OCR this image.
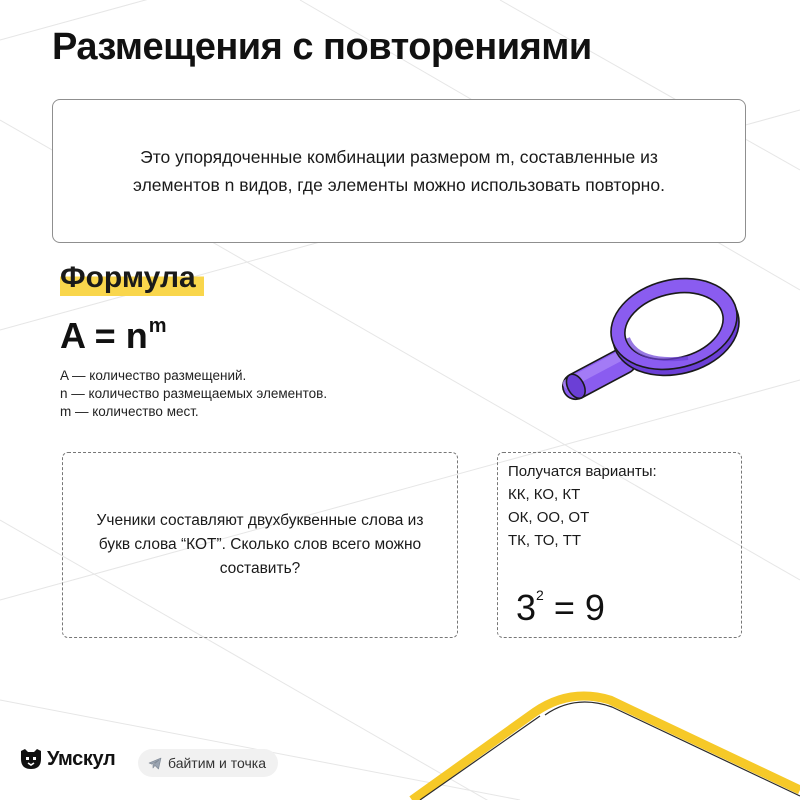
Размещения с повторениями
Это упорядоченные комбинации размером m, составленные из
элементов n видов, где элементы можно использовать повторно.
Формула
$A = n^m$
A — количество размещений.
n — количество размещаемых элементов.
m — количество мест.
Ученики составляют двухбуквенные слова из
букв слова “КОТ”. Сколько слов всего можно
составить?
Получатся варианты:
КК, КО, КТ
ОК, ОО, ОТ
ТК, ТО, ТТ
$3^2 = 9$
Умскул	байтим и точка
